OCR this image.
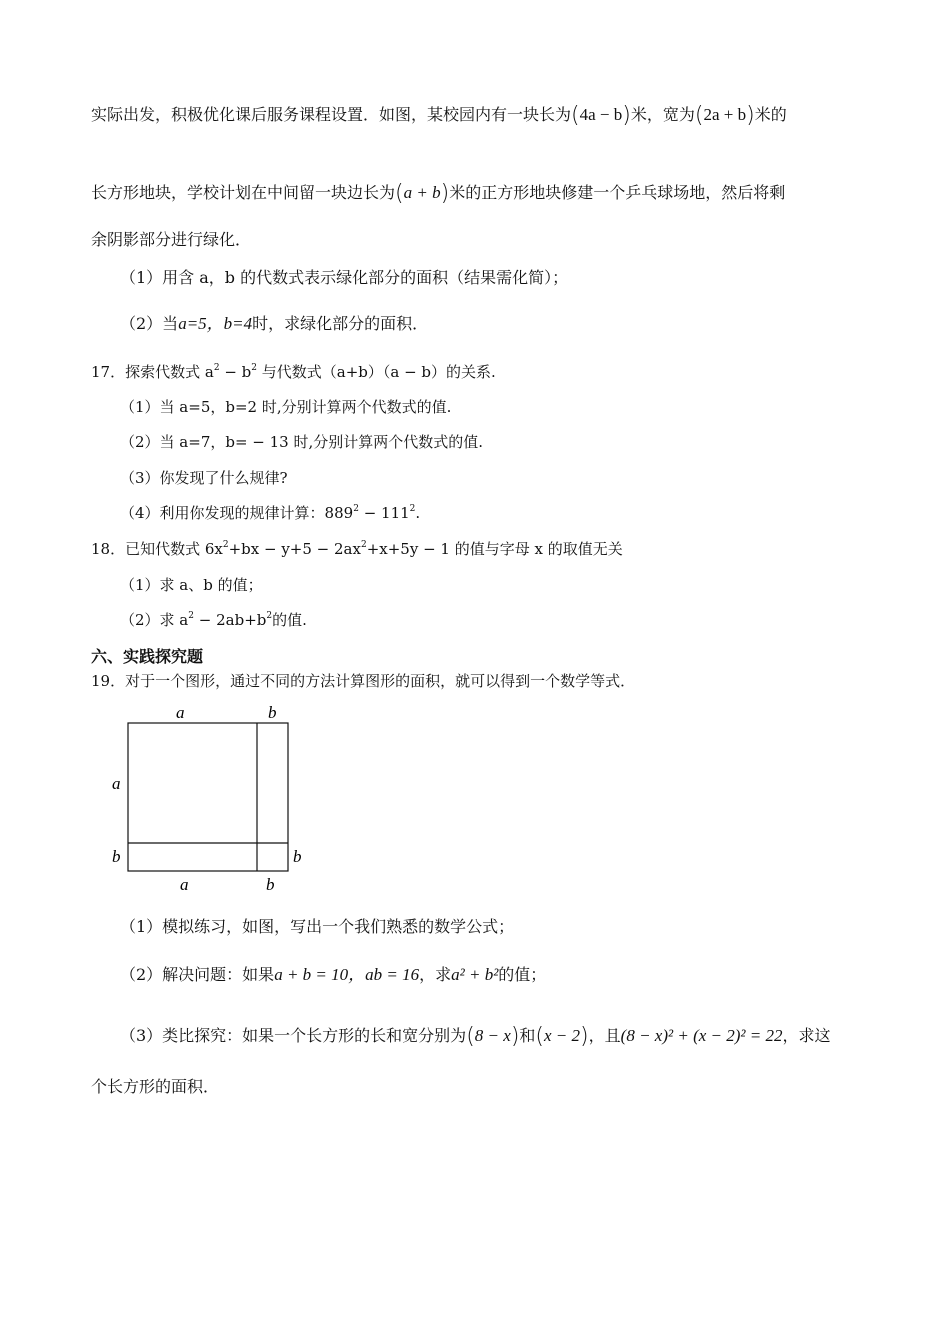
实际出发，积极优化课后服务课程设置．如图，某校园内有一块长为(4a − b)米，宽为(2a + b)米的
长方形地块，学校计划在中间留一块边长为(a + b)米的正方形地块修建一个乒乓球场地，然后将剩
余阴影部分进行绿化．
（1）用含 a，b 的代数式表示绿化部分的面积（结果需化简）；
（2）当a=5，b=4时，求绿化部分的面积．
17．探索代数式 $a^2 - b^2$ 与代数式（a+b）（a − b）的关系.
（1）当 a=5，b=2 时,分别计算两个代数式的值.
（2）当 a=7，b= − 13 时,分别计算两个代数式的值.
（3）你发现了什么规律?
（4）利用你发现的规律计算：$889^2 - 111^2$.
18．已知代数式 $6x^2+bx - y+5 - 2ax^2+x+5y - 1$ 的值与字母 x 的取值无关
（1）求 a、b 的值；
（2）求 $a^2 - 2ab+b^2$的值.
六、实践探究题
19．对于一个图形，通过不同的方法计算图形的面积，就可以得到一个数学等式．
a	b
a
b	b
a	b
（1）模拟练习，如图，写出一个我们熟悉的数学公式；
（2）解决问题：如果a + b = 10，ab = 16，求a² + b²的值；
（3）类比探究：如果一个长方形的长和宽分别为(8 − x)和(x − 2)，且(8 − x)² + (x − 2)² = 22，求这
个长方形的面积．
